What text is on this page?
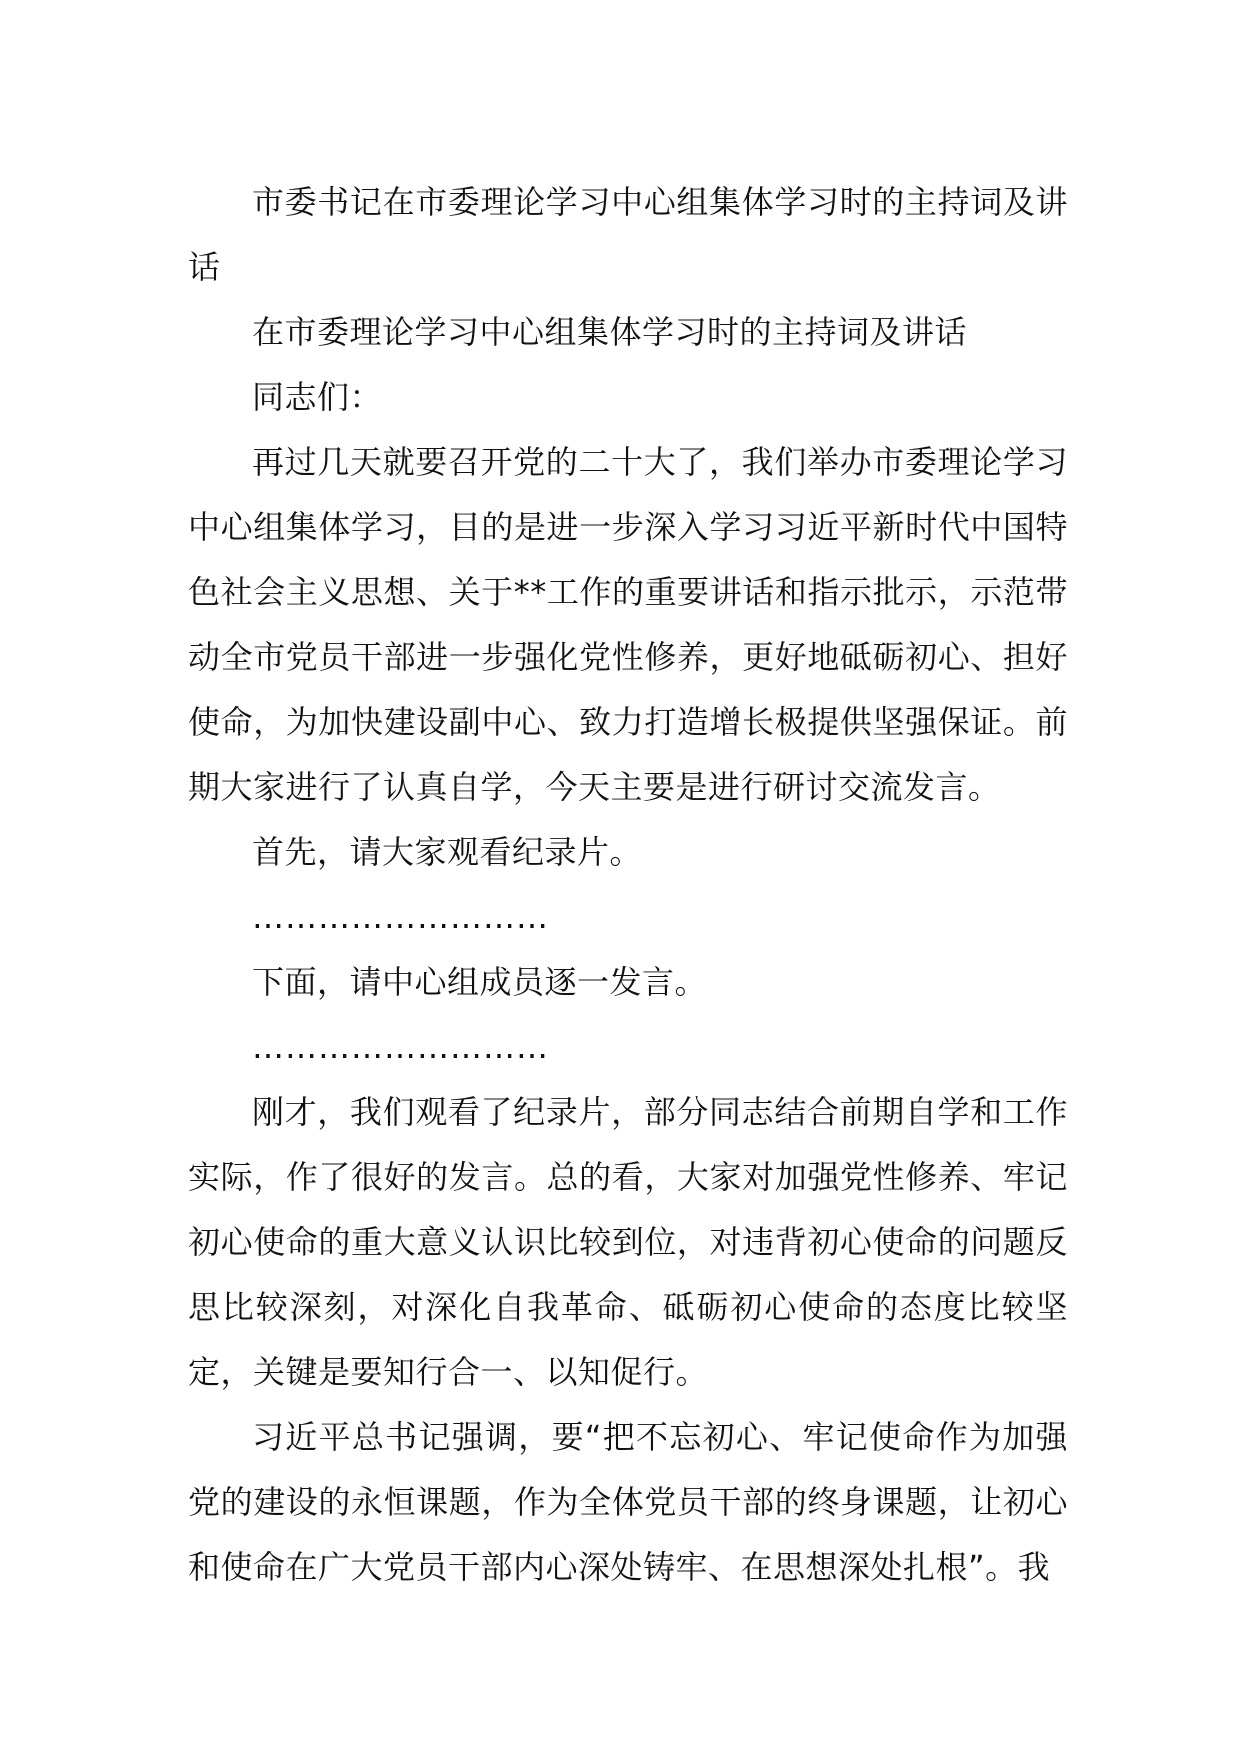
市委书记在市委理论学习中心组集体学习时的主持词及讲话

在市委理论学习中心组集体学习时的主持词及讲话

同志们：

再过几天就要召开党的二十大了，我们举办市委理论学习中心组集体学习，目的是进一步深入学习习近平新时代中国特色社会主义思想、关于**工作的重要讲话和指示批示，示范带动全市党员干部进一步强化党性修养，更好地砥砺初心、担好使命，为加快建设副中心、致力打造增长极提供坚强保证。前期大家进行了认真自学，今天主要是进行研讨交流发言。

首先，请大家观看纪录片。

………………………

下面，请中心组成员逐一发言。

………………………

刚才，我们观看了纪录片，部分同志结合前期自学和工作实际，作了很好的发言。总的看，大家对加强党性修养、牢记初心使命的重大意义认识比较到位，对违背初心使命的问题反思比较深刻，对深化自我革命、砥砺初心使命的态度比较坚定，关键是要知行合一、以知促行。

习近平总书记强调，要“把不忘初心、牢记使命作为加强党的建设的永恒课题，作为全体党员干部的终身课题，让初心和使命在广大党员干部内心深处铸牢、在思想深处扎根”。我
